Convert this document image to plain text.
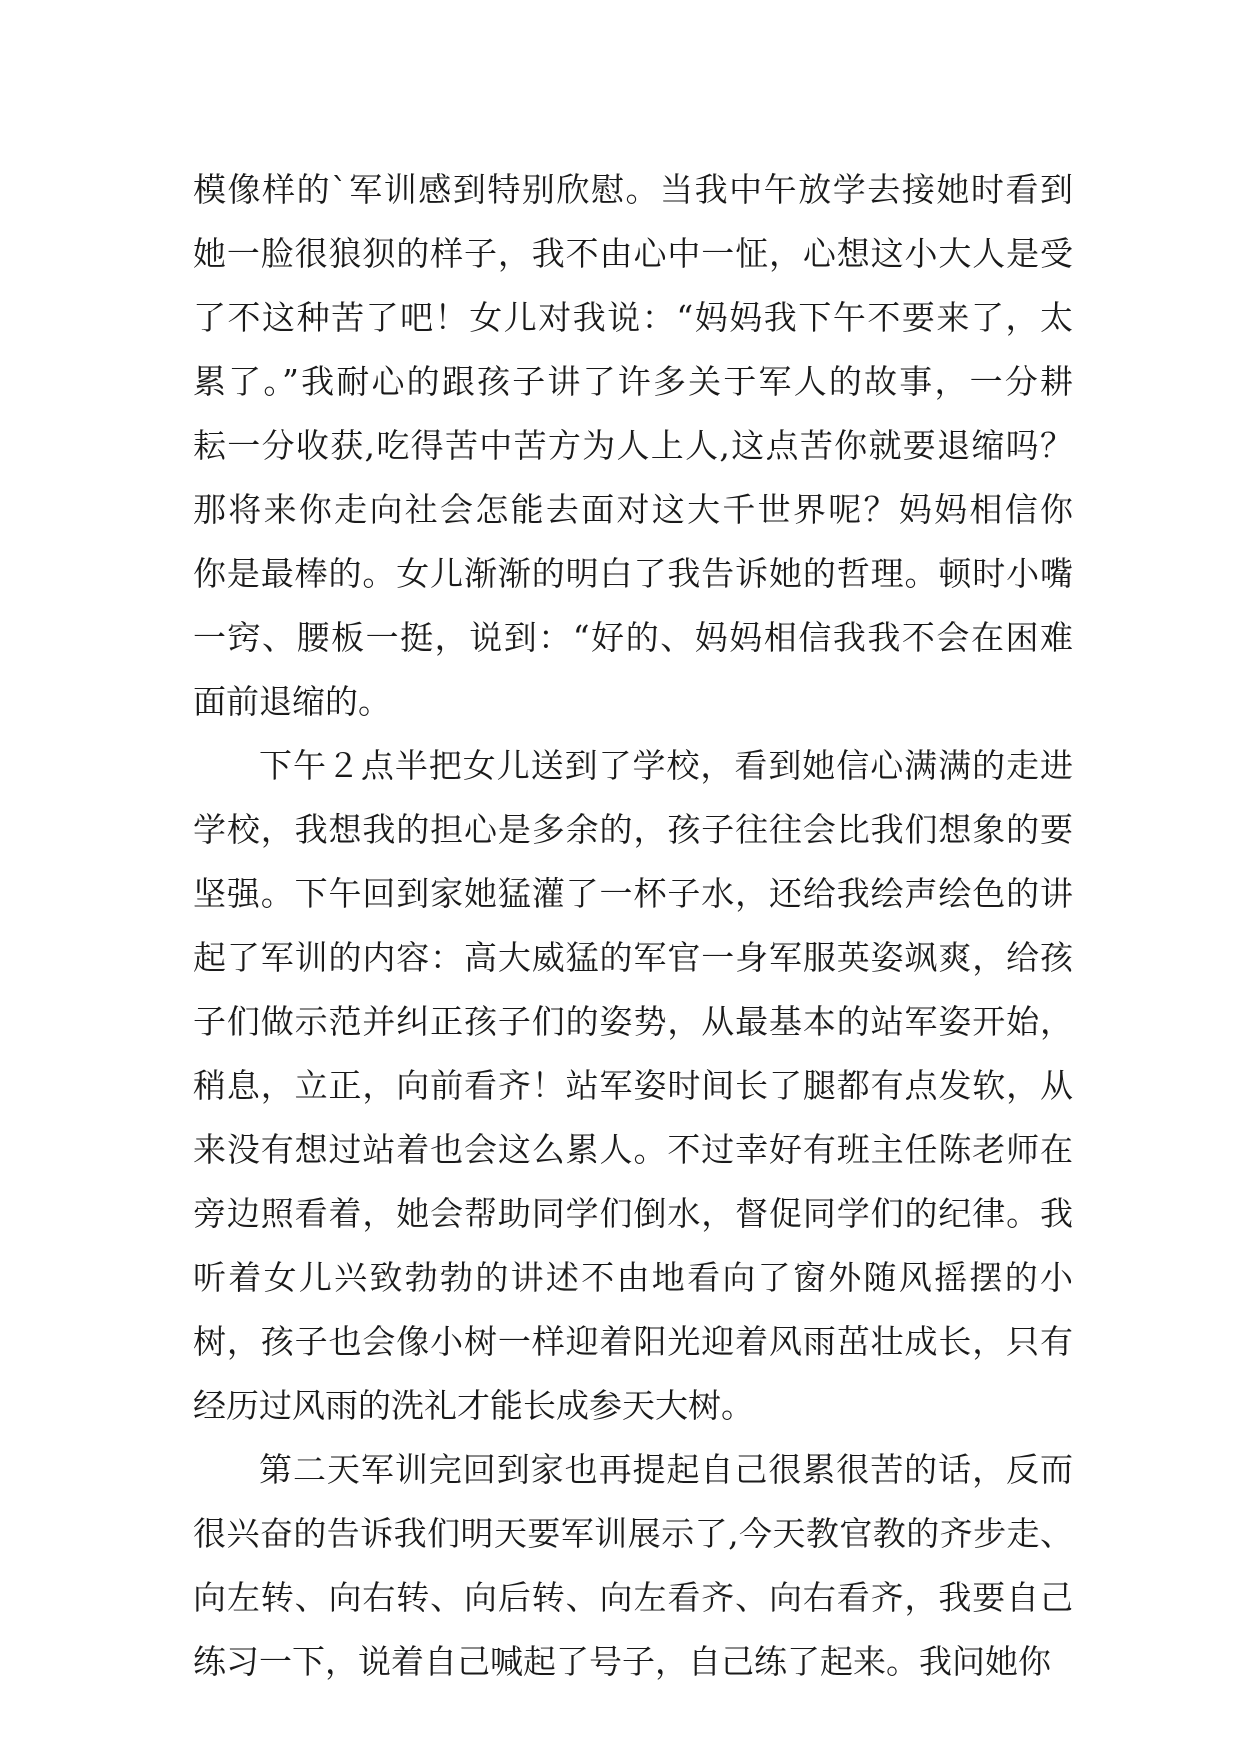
模像样的`军训感到特别欣慰。当我中午放学去接她时看到
她一脸很狼狈的样子，我不由心中一怔，心想这小大人是受
了不这种苦了吧！女儿对我说：“妈妈我下午不要来了，太
累了。”我耐心的跟孩子讲了许多关于军人的故事，一分耕
耘一分收获,吃得苦中苦方为人上人,这点苦你就要退缩吗？
那将来你走向社会怎能去面对这大千世界呢？妈妈相信你
你是最棒的。女儿渐渐的明白了我告诉她的哲理。顿时小嘴
一窍、腰板一挺，说到：“好的、妈妈相信我我不会在困难
面前退缩的。
下午２点半把女儿送到了学校，看到她信心满满的走进
学校，我想我的担心是多余的，孩子往往会比我们想象的要
坚强。下午回到家她猛灌了一杯子水，还给我绘声绘色的讲
起了军训的内容：高大威猛的军官一身军服英姿飒爽，给孩
子们做示范并纠正孩子们的姿势，从最基本的站军姿开始，
稍息，立正，向前看齐！站军姿时间长了腿都有点发软，从
来没有想过站着也会这么累人。不过幸好有班主任陈老师在
旁边照看着，她会帮助同学们倒水，督促同学们的纪律。我
听着女儿兴致勃勃的讲述不由地看向了窗外随风摇摆的小
树，孩子也会像小树一样迎着阳光迎着风雨茁壮成长，只有
经历过风雨的洗礼才能长成参天大树。
第二天军训完回到家也再提起自己很累很苦的话，反而
很兴奋的告诉我们明天要军训展示了,今天教官教的齐步走、
向左转、向右转、向后转、向左看齐、向右看齐，我要自己
练习一下，说着自己喊起了号子，自己练了起来。我问她你
